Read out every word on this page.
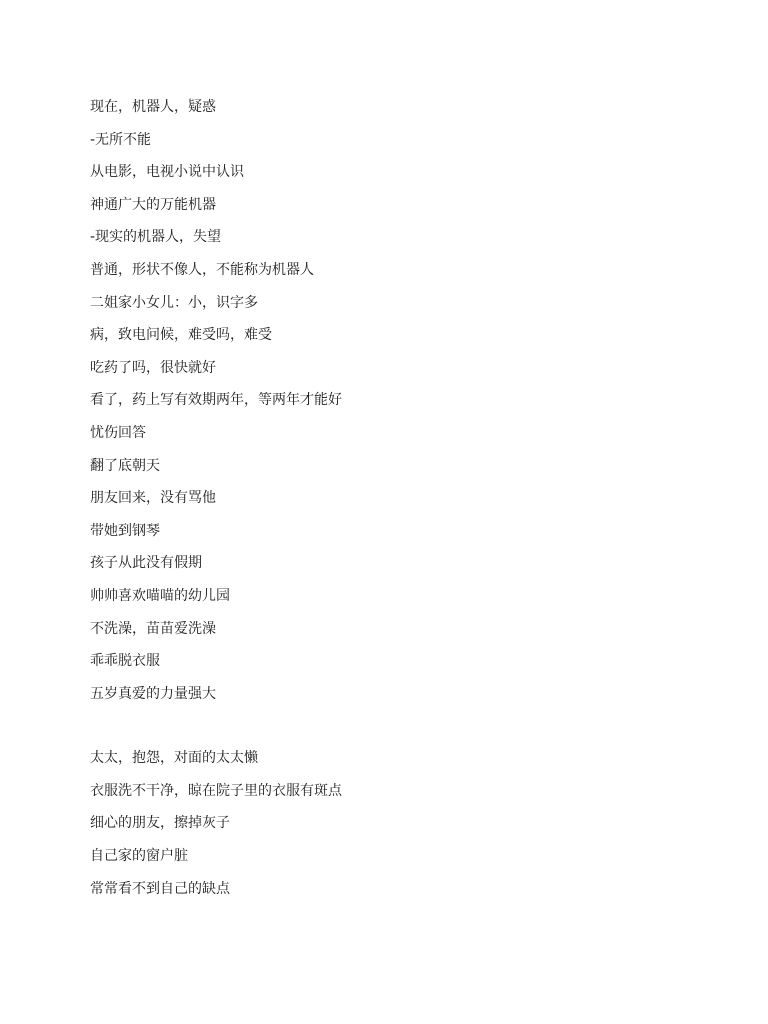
现在，机器人，疑惑
-无所不能
从电影，电视小说中认识
神通广大的万能机器
-现实的机器人，失望
普通，形状不像人，不能称为机器人
二姐家小女儿：小，识字多
病，致电问候，难受吗，难受
吃药了吗，很快就好
看了，药上写有效期两年，等两年才能好
忧伤回答
翻了底朝天
朋友回来，没有骂他
带她到钢琴
孩子从此没有假期
帅帅喜欢喵喵的幼儿园
不洗澡，苗苗爱洗澡
乖乖脱衣服
五岁真爱的力量强大
太太，抱怨，对面的太太懒
衣服洗不干净，晾在院子里的衣服有斑点
细心的朋友，擦掉灰子
自己家的窗户脏
常常看不到自己的缺点
